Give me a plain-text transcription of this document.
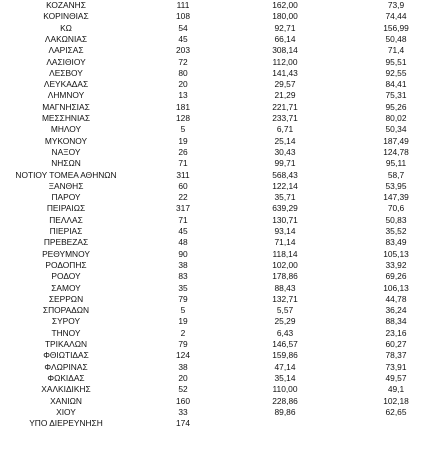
ΚΟΖΑΝΗΣ	111	162,00	73,9
ΚΟΡΙΝΘΙΑΣ	108	180,00	74,44
ΚΩ	54	92,71	156,99
ΛΑΚΩΝΙΑΣ	45	66,14	50,48
ΛΑΡΙΣΑΣ	203	308,14	71,4
ΛΑΣΙΘΙΟΥ	72	112,00	95,51
ΛΕΣΒΟΥ	80	141,43	92,55
ΛΕΥΚΑΔΑΣ	20	29,57	84,41
ΛΗΜΝΟΥ	13	21,29	75,31
ΜΑΓΝΗΣΙΑΣ	181	221,71	95,26
ΜΕΣΣΗΝΙΑΣ	128	233,71	80,02
ΜΗΛΟΥ	5	6,71	50,34
ΜΥΚΟΝΟΥ	19	25,14	187,49
ΝΑΞΟΥ	26	30,43	124,78
ΝΗΣΩΝ	71	99,71	95,11
ΝΟΤΙΟΥ ΤΟΜΕΑ ΑΘΗΝΩΝ	311	568,43	58,7
ΞΑΝΘΗΣ	60	122,14	53,95
ΠΑΡΟΥ	22	35,71	147,39
ΠΕΙΡΑΙΩΣ	317	639,29	70,6
ΠΕΛΛΑΣ	71	130,71	50,83
ΠΙΕΡΙΑΣ	45	93,14	35,52
ΠΡΕΒΕΖΑΣ	48	71,14	83,49
ΡΕΘΥΜΝΟΥ	90	118,14	105,13
ΡΟΔΟΠΗΣ	38	102,00	33,92
ΡΟΔΟΥ	83	178,86	69,26
ΣΑΜΟΥ	35	88,43	106,13
ΣΕΡΡΩΝ	79	132,71	44,78
ΣΠΟΡΑΔΩΝ	5	5,57	36,24
ΣΥΡΟΥ	19	25,29	88,34
ΤΗΝΟΥ	2	6,43	23,16
ΤΡΙΚΑΛΩΝ	79	146,57	60,27
ΦΘΙΩΤΙΔΑΣ	124	159,86	78,37
ΦΛΩΡΙΝΑΣ	38	47,14	73,91
ΦΩΚΙΔΑΣ	20	35,14	49,57
ΧΑΛΚΙΔΙΚΗΣ	52	110,00	49,1
ΧΑΝΙΩΝ	160	228,86	102,18
ΧΙΟΥ	33	89,86	62,65
ΥΠΟ ΔΙΕΡΕΥΝΗΣΗ	174
